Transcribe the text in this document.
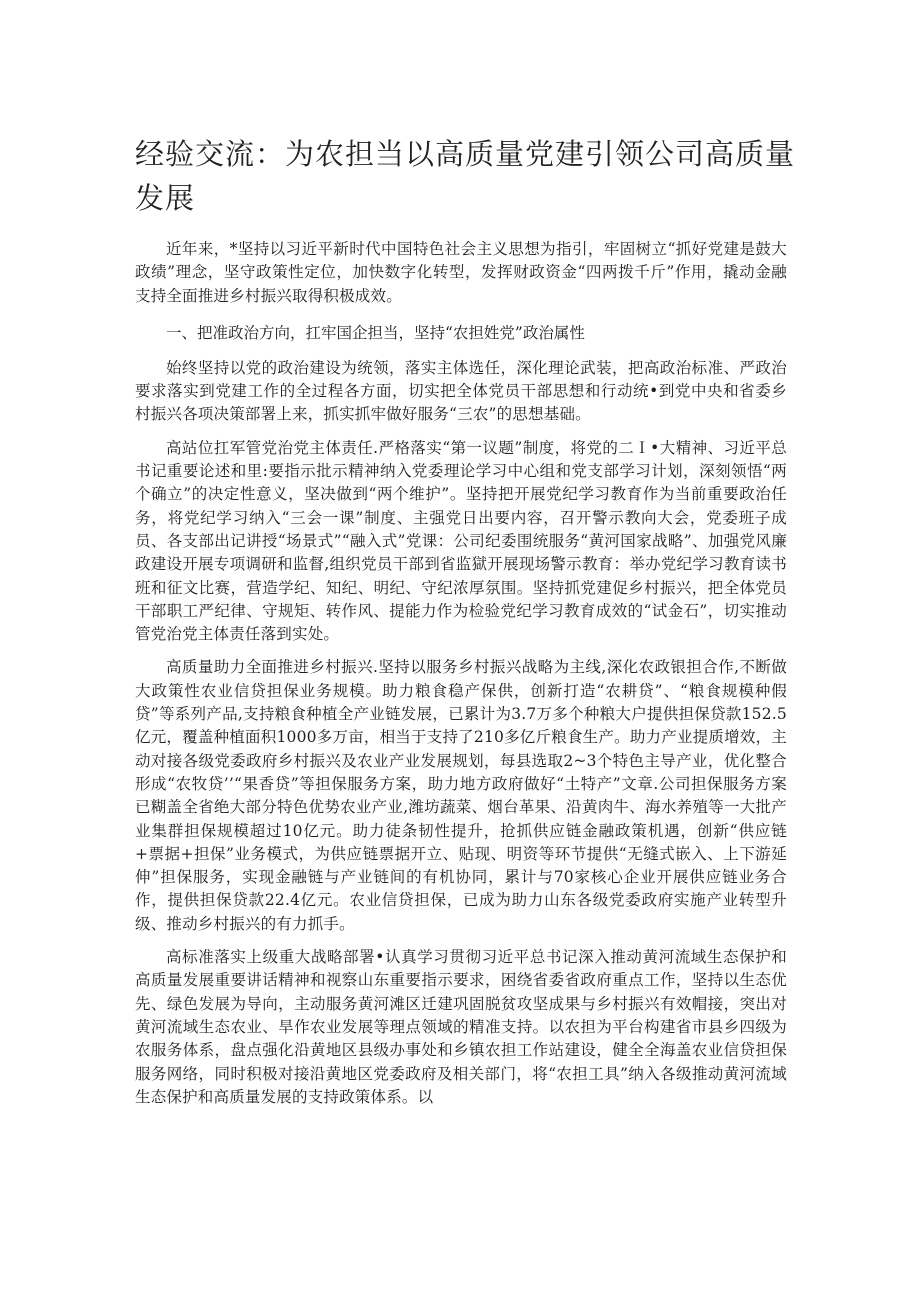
经验交流：为农担当以高质量党建引领公司高质量发展

近年来，*坚持以习近平新时代中国特色社会主义思想为指引，牢固树立“抓好党建是鼓大政绩”理念，坚守政策性定位，加快数字化转型，发挥财政资金“四两拨千斤”作用，撬动金融支持全面推进乡村振兴取得积极成效。

一、把准政治方向，扛牢国企担当，坚持“农担姓党”政治属性

始终坚持以党的政治建设为统领，落实主体选任，深化理论武装，把高政治标准、严政治要求落实到党建工作的全过程各方面，切实把全体党员干部思想和行动统•到党中央和省委乡村振兴各项决策部署上来，抓实抓牢做好服务“三农”的思想基础。

高站位扛军管党治党主体责任.严格落实“第一议题”制度，将党的二Ｉ•大精神、习近平总书记重要论述和里:要指示批示精神纳入党委理论学习中心组和党支部学习计划，深刻领悟“两个确立”的决定性意义，坚决做到“两个维护”。坚持把开展党纪学习教育作为当前重要政治任务，将党纪学习纳入“三会一课”制度、主强党日出要内容，召开警示教向大会，党委班子成员、各支部出记讲授“场景式”“融入式”党课：公司纪委围统服务“黄河国家战略”、加强党风廉政建设开展专项调研和监督,组织党员干部到省监獄开展现场警示教育：举办党纪学习教育读书班和征文比赛，营造学纪、知纪、明纪、守纪浓厚氛围。坚持抓党建促乡村振兴，把全体党员干部职工严纪律、守规矩、转作风、提能力作为检验党纪学习教育成效的“试金石”，切实推动管党治党主体责任落到实处。

高质量助力全面推进乡村振兴.坚持以服务乡村振兴战略为主线,深化农政银担合作,不断做大政策性农业信贷担保业务规模。助力粮食稳产保供，创新打造“农耕贷”、“粮食规模种假贷”等系列产品,支持粮食种植全产业链发展，已累计为3.7万多个种粮大户提供担保贷款152.5亿元，覆盖种植面积1000多万亩，相当于支持了210多亿斤粮食生产。助力产业提质增效，主动对接各级党委政府乡村振兴及农业产业发展规划，每县选取2~3个特色主导产业，优化整合形成“农牧贷’’“果香贷”等担保服务方案，助力地方政府做好“土特产”文章.公司担保服务方案已糊盖全省绝大部分特色优势农业产业,潍坊蔬菜、烟台革果、沿黄肉牛、海水养殖等一大批产业集群担保规模超过10亿元。助力徒条韧性提升，抢抓供应链金融政策机遇，创新“供应链+票据+担保”业务模式，为供应链票据开立、贴现、明资等环节提供“无缝式嵌入、上下游延伸”担保服务，实现金融链与产业链间的有机协同，累计与70家核心企业开展供应链业务合作，提供担保贷款22.4亿元。农业信贷担保，已成为助力山东各级党委政府实施产业转型升级、推动乡村振兴的有力抓手。

高标准落实上级重大战略部署•认真学习贯彻习近平总书记深入推动黄河流域生态保护和高质量发展重要讲话精神和视察山东重要指示要求，困绕省委省政府重点工作，坚持以生态优先、绿色发展为导向，主动服务黄河滩区迁建巩固脱贫攻坚成果与乡村振兴有效帽接，突出对黄河流域生态农业、旱作农业发展等理点领域的精准支持。以农担为平台构建省市县乡四级为农服务体系，盘点强化沿黄地区县级办事处和乡镇农担工作站建设，健全全海盖农业信贷担保服务网络，同时积极对接沿黄地区党委政府及相关部门，将“农担工具”纳入各级推动黄河流域生态保护和高质量发展的支持政策体系。以
